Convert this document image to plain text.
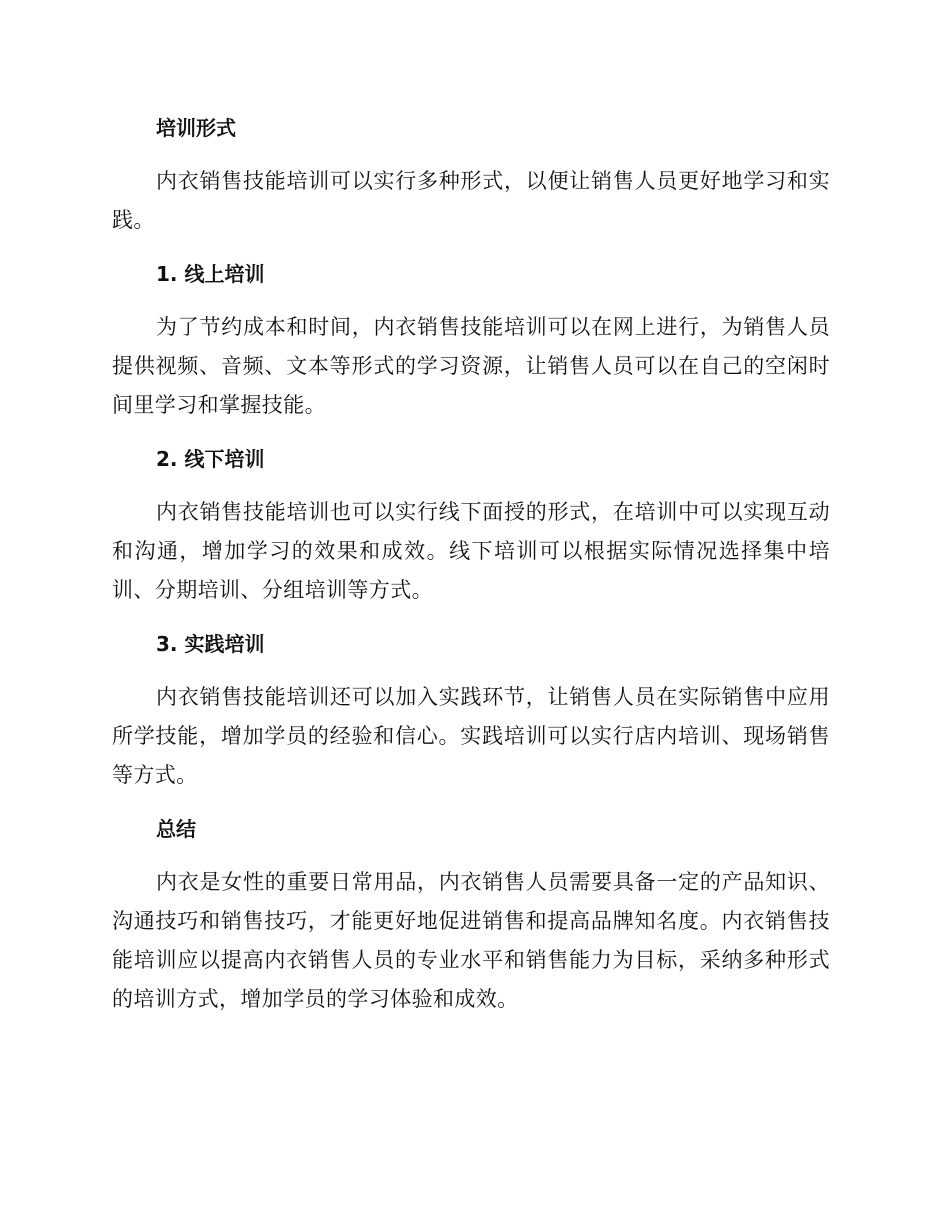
培训形式

内衣销售技能培训可以实行多种形式，以便让销售人员更好地学习和实践。

1. 线上培训

为了节约成本和时间，内衣销售技能培训可以在网上进行，为销售人员提供视频、音频、文本等形式的学习资源，让销售人员可以在自己的空闲时间里学习和掌握技能。

2. 线下培训

内衣销售技能培训也可以实行线下面授的形式，在培训中可以实现互动和沟通，增加学习的效果和成效。线下培训可以根据实际情况选择集中培训、分期培训、分组培训等方式。

3. 实践培训

内衣销售技能培训还可以加入实践环节，让销售人员在实际销售中应用所学技能，增加学员的经验和信心。实践培训可以实行店内培训、现场销售等方式。

总结

内衣是女性的重要日常用品，内衣销售人员需要具备一定的产品知识、沟通技巧和销售技巧，才能更好地促进销售和提高品牌知名度。内衣销售技能培训应以提高内衣销售人员的专业水平和销售能力为目标，采纳多种形式的培训方式，增加学员的学习体验和成效。
